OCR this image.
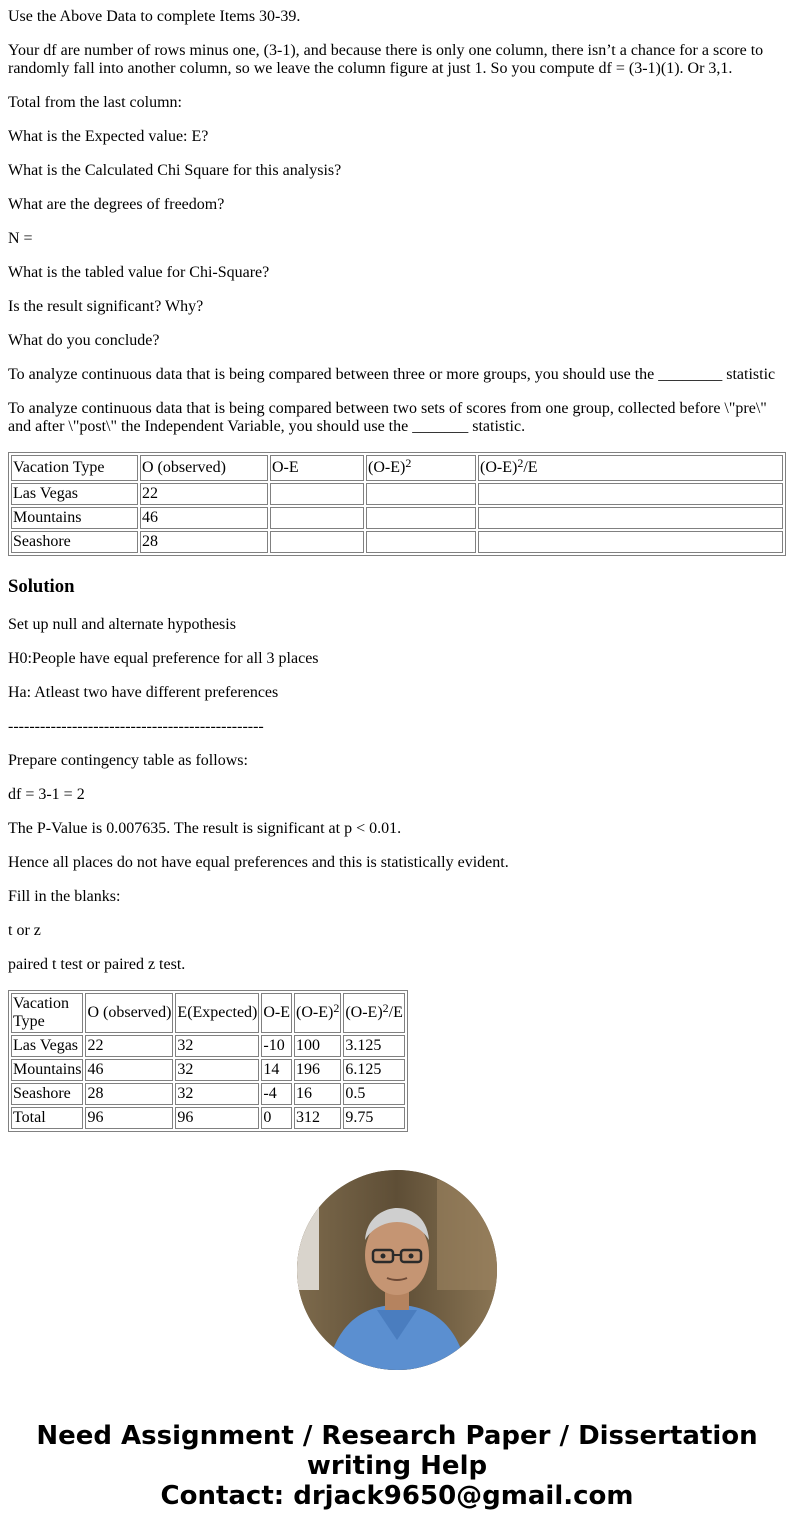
Use the Above Data to complete Items 30-39.

Your df are number of rows minus one, (3-1), and because there is only one column, there isn’t a chance for a score to randomly fall into another column, so we leave the column figure at just 1. So you compute df = (3-1)(1). Or 3,1.

Total from the last column:

What is the Expected value: E?

What is the Calculated Chi Square for this analysis?

What are the degrees of freedom?

N =

What is the tabled value for Chi-Square?

Is the result significant? Why?

What do you conclude?

To analyze continuous data that is being compared between three or more groups, you should use the ________ statistic

To analyze continuous data that is being compared between two sets of scores from one group, collected before \"pre\" and after \"post\" the Independent Variable, you should use the _______ statistic.

Vacation Type	O (observed)	O-E	$(O-E)^2$	$(O-E)^2/E$
Las Vegas	22			
Mountains	46			
Seashore	28			
Solution

Set up null and alternate hypothesis

H0:People have equal preference for all 3 places

Ha: Atleast two have different preferences

------------------------------------------------

Prepare contingency table as follows:

df = 3-1 = 2

The P-Value is 0.007635. The result is significant at p < 0.01.

Hence all places do not have equal preferences and this is statistically evident.

Fill in the blanks:

t or z

paired t test or paired z test.

Vacation Type	O (observed)	E(Expected)	O-E	$(O-E)^2$	$(O-E)^2/E$
Las Vegas	22	32	-10	100	3.125
Mountains	46	32	14	196	6.125
Seashore	28	32	-4	16	0.5
Total	96	96	0	312	9.75
Need Assignment / Research Paper / Dissertation
writing Help
Contact: drjack9650@gmail.com
